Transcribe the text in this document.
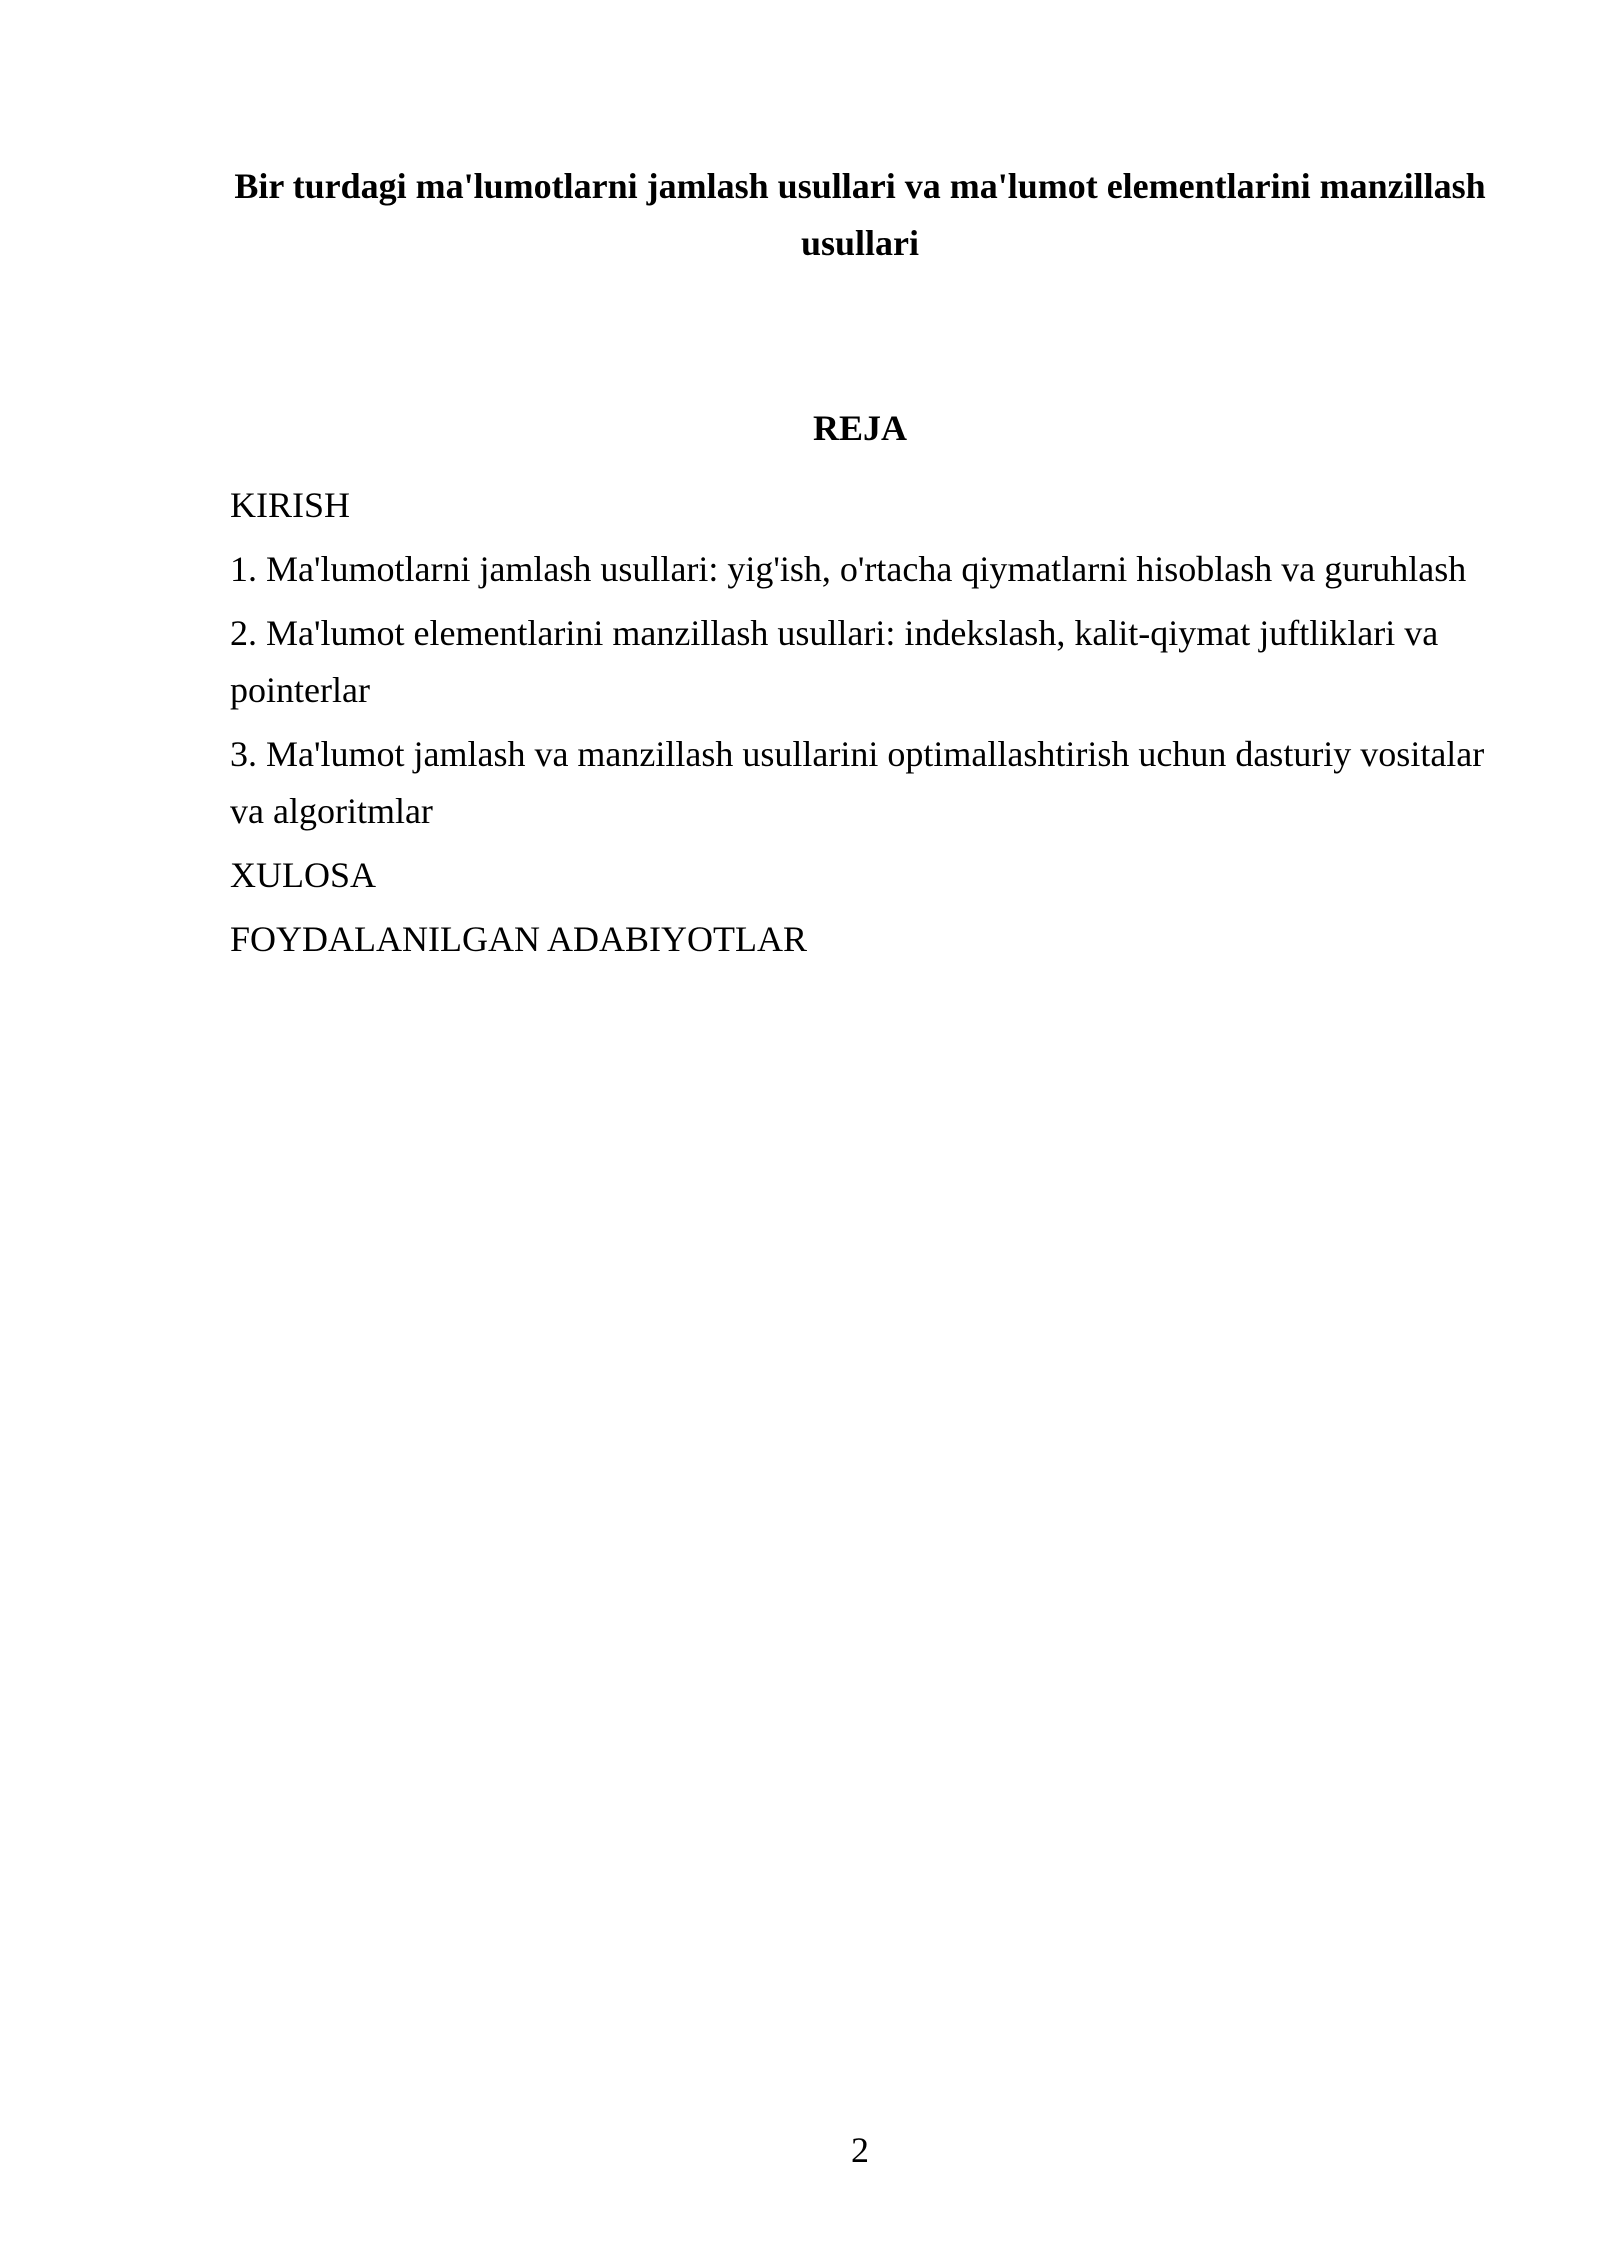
Bir turdagi ma'lumotlarni jamlash usullari va ma'lumot elementlarini manzillash usullari
REJA
KIRISH
1. Ma'lumotlarni jamlash usullari: yig'ish, o'rtacha qiymatlarni hisoblash va guruhlash
2. Ma'lumot elementlarini manzillash usullari: indekslash, kalit-qiymat juftliklari va pointerlar
3. Ma'lumot jamlash va manzillash usullarini optimallashtirish uchun dasturiy vositalar va algoritmlar
XULOSA
FOYDALANILGAN ADABIYOTLAR
2
